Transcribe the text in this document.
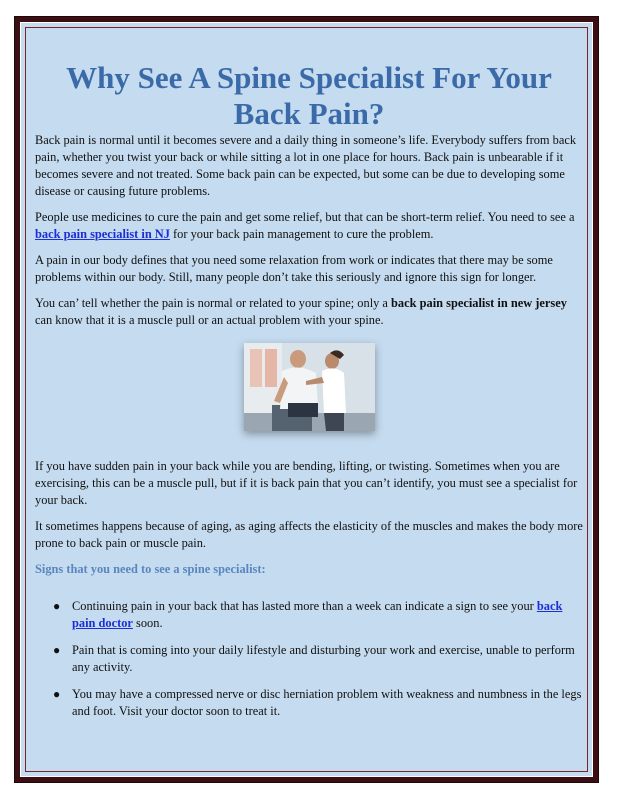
Why See A Spine Specialist For Your Back Pain?

Back pain is normal until it becomes severe and a daily thing in someone’s life. Everybody suffers from back pain, whether you twist your back or while sitting a lot in one place for hours. Back pain is unbearable if it becomes severe and not treated. Some back pain can be expected, but some can be due to developing some disease or causing future problems.

People use medicines to cure the pain and get some relief, but that can be short-term relief. You need to see a back pain specialist in NJ for your back pain management to cure the problem.

A pain in our body defines that you need some relaxation from work or indicates that there may be some problems within our body. Still, many people don’t take this seriously and ignore this sign for longer.

You can’ tell whether the pain is normal or related to your spine; only a back pain specialist in new jersey can know that it is a muscle pull or an actual problem with your spine.

If you have sudden pain in your back while you are bending, lifting, or twisting. Sometimes when you are exercising, this can be a muscle pull, but if it is back pain that you can’t identify, you must see a specialist for your back.

It sometimes happens because of aging, as aging affects the elasticity of the muscles and makes the body more prone to back pain or muscle pain.

Signs that you need to see a spine specialist:
● Continuing pain in your back that has lasted more than a week can indicate a sign to see your back pain doctor soon.
● Pain that is coming into your daily lifestyle and disturbing your work and exercise, unable to perform any activity.
● You may have a compressed nerve or disc herniation problem with weakness and numbness in the legs and foot. Visit your doctor soon to treat it.
